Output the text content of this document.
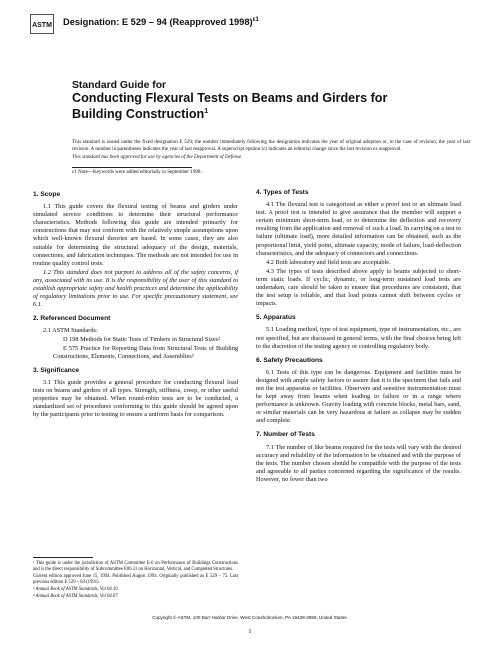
ASTM Designation: E 529 – 94 (Reapproved 1998)$^{\varepsilon 1}$

Standard Guide for

Conducting Flexural Tests on Beams and Girders for Building Construction$^1$

This standard is issued under the fixed designation E 529; the number immediately following the designation indicates the year of original adoption or, in the case of revision, the year of last revision. A number in parentheses indicates the year of last reapproval. A superscript epsilon (ε) indicates an editorial change since the last revision or reapproval.

This standard has been approved for use by agencies of the Department of Defense.

ε1 Note—Keywords were added editorially in September 1998.
1. Scope

1.1 This guide covers the flexural testing of beams and girders under simulated service conditions to determine their structural performance characteristics. Methods following this guide are intended primarily for constructions that may not conform with the relatively simple assumptions upon which well-known flexural theories are based. In some cases, they are also suitable for determining the structural adequacy of the design, materials, connections, and fabrication techniques. The methods are not intended for use in routine quality control tests.

1.2 This standard does not purport to address all of the safety concerns, if any, associated with its use. It is the responsibility of the user of this standard to establish appropriate safety and health practices and determine the applicability of regulatory limitations prior to use. For specific precautionary statement, see 6.1.

2. Referenced Document
2.1 ASTM Standards:

D 198 Methods for Static Tests of Timbers in Structural Sizes²

E 575 Practice for Reporting Data from Structural Tests of Building Constructions, Elements, Connections, and Assemblies³

3. Significance

3.1 This guide provides a general procedure for conducting flexural load tests on beams and girders of all types. Strength, stiffness, creep, or other useful properties may be obtained. When round-robin tests are to be conducted, a standardized set of procedures conforming to this guide should be agreed upon by the participants prior to testing to ensure a uniform basis for comparison.

¹ This guide is under the jurisdiction of ASTM Committee E-6 on Performance of Buildings Constructions and is the direct responsibility of Subcommittee E06.11 on Horizontal, Vertical, and Completed Structures.

Current edition approved June 15, 1994. Published August 1994. Originally published as E 529 – 75. Last previous edition E 529 – 83 (1991).

² Annual Book of ASTM Standards, Vol 04.10.

³ Annual Book of ASTM Standards, Vol 04.07.

4. Types of Tests

4.1 The flexural test is categorized as either a proof test or an ultimate load test. A proof test is intended to give assurance that the member will support a certain minimum short-term load, or to determine the deflection and recovery resulting from the application and removal of such a load. In carrying on a test to failure (ultimate load), more detailed information can be obtained, such as the proportional limit, yield point, ultimate capacity, mode of failure, load-deflection characteristics, and the adequacy of connectors and connections.

4.2 Both laboratory and field tests are acceptable.

4.3 The types of tests described above apply to beams subjected to short-term static loads. If cyclic, dynamic, or long-term sustained load tests are undertaken, care should be taken to ensure that procedures are consistent, that the test setup is reliable, and that load points cannot shift between cycles or impacts.

5. Apparatus

5.1 Loading method, type of test equipment, type of instrumentation, etc., are not specified, but are discussed in general terms, with the final choices being left to the discretion of the testing agency or controlling regulatory body.

6. Safety Precautions

6.1 Tests of this type can be dangerous. Equipment and facilities must be designed with ample safety factors to assure that it is the specimen that fails and not the test apparatus or facilities. Observers and sensitive instrumentation must be kept away from beams when loading to failure or in a range where performance is unknown. Gravity loading with concrete blocks, metal bars, sand, or similar materials can be very hazardous at failure as collapse may be sudden and complete.

7. Number of Tests

7.1 The number of like beams required for the tests will vary with the desired accuracy and reliability of the information to be obtained and with the purpose of the tests. The number chosen should be compatible with the purpose of the tests and agreeable to all parties concerned regarding the significance of the results. However, no fewer than two

Copyright © ASTM, 100 Barr Harbor Drive, West Conshohocken, PA 19428-2959, United States.
1
